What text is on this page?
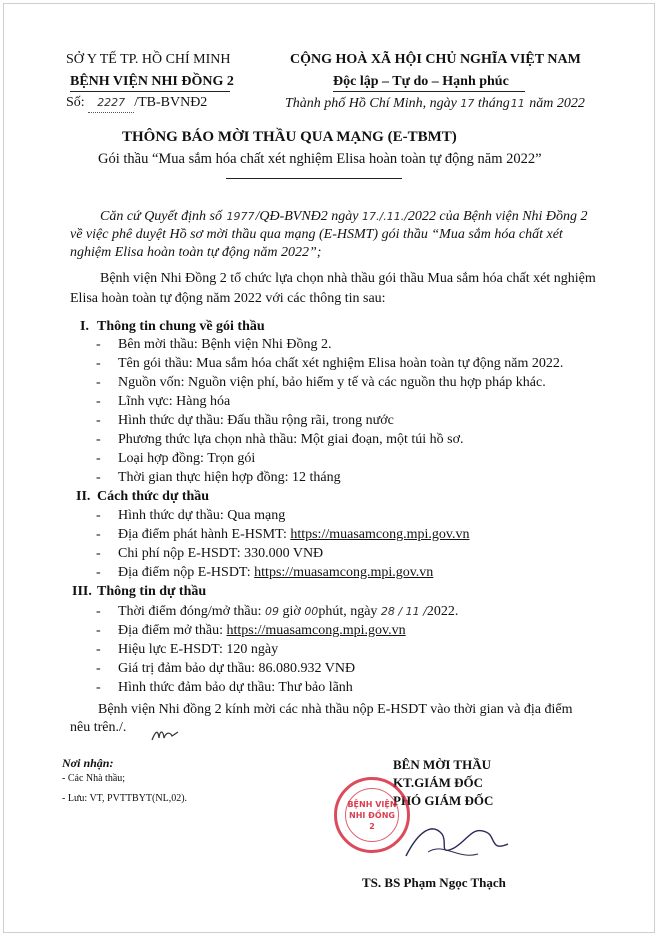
SỞ Y TẾ TP. HỒ CHÍ MINH
BỆNH VIỆN NHI ĐỒNG 2
Số: 2227 /TB-BVNĐ2
CỘNG HOÀ XÃ HỘI CHỦ NGHĨA VIỆT NAM
Độc lập – Tự do – Hạnh phúc
Thành phố Hồ Chí Minh, ngày 17 tháng11 năm 2022
THÔNG BÁO MỜI THẦU QUA MẠNG (E-TBMT)
Gói thầu “Mua sắm hóa chất xét nghiệm Elisa hoàn toàn tự động năm 2022”
Căn cứ Quyết định số 1977/QĐ-BVNĐ2 ngày 17./.11./2022 của Bệnh viện Nhi Đồng 2
về việc phê duyệt Hồ sơ mời thầu qua mạng (E-HSMT) gói thầu “Mua sắm hóa chất xét
nghiệm Elisa hoàn toàn tự động năm 2022”;
Bệnh viện Nhi Đồng 2 tổ chức lựa chọn nhà thầu gói thầu Mua sắm hóa chất xét nghiệm
Elisa hoàn toàn tự động năm 2022 với các thông tin sau:
I. Thông tin chung về gói thầu
- Bên mời thầu: Bệnh viện Nhi Đồng 2.
- Tên gói thầu: Mua sắm hóa chất xét nghiệm Elisa hoàn toàn tự động năm 2022.
- Nguồn vốn: Nguồn viện phí, bảo hiểm y tế và các nguồn thu hợp pháp khác.
- Lĩnh vực: Hàng hóa
- Hình thức dự thầu: Đấu thầu rộng rãi, trong nước
- Phương thức lựa chọn nhà thầu: Một giai đoạn, một túi hồ sơ.
- Loại hợp đồng: Trọn gói
- Thời gian thực hiện hợp đồng: 12 tháng
II. Cách thức dự thầu
- Hình thức dự thầu: Qua mạng
- Địa điểm phát hành E-HSMT: https://muasamcong.mpi.gov.vn
- Chi phí nộp E-HSDT: 330.000 VNĐ
- Địa điểm nộp E-HSDT: https://muasamcong.mpi.gov.vn
III. Thông tin dự thầu
- Thời điểm đóng/mở thầu: 09 giờ 00phút, ngày 28 / 11 /2022.
- Địa điểm mở thầu: https://muasamcong.mpi.gov.vn
- Hiệu lực E-HSDT: 120 ngày
- Giá trị đảm bảo dự thầu: 86.080.932 VNĐ
- Hình thức đảm bảo dự thầu: Thư bảo lãnh
Bệnh viện Nhi đồng 2 kính mời các nhà thầu nộp E-HSDT vào thời gian và địa điểm
nêu trên./.
Nơi nhận:
- Các Nhà thầu;
- Lưu: VT, PVTTBYT(NL,02).
BÊN MỜI THẦU
KT.GIÁM ĐỐC
PHÓ GIÁM ĐỐC
BỆNH VIỆN
NHI ĐỒNG 2
TS. BS Phạm Ngọc Thạch
